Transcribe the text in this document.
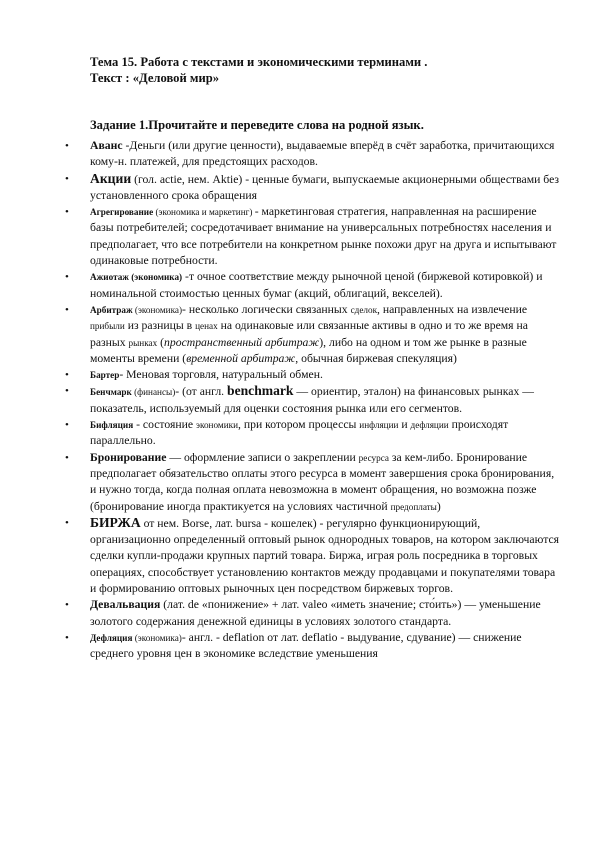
Тема 15. Работа с текстами и экономическими терминами .
Текст : «Деловой мир»
Задание 1.Прочитайте и переведите слова на родной язык.

• Аванс -Деньги (или другие ценности), выдаваемые вперёд в счёт заработка, причитающихся кому-н. платежей, для предстоящих расходов.

• Акции (гол. actie, нем. Aktie) - ценные бумаги, выпускаемые акционерными обществами без установленного срока обращения

• Агрегирование (экономика и маркетинг) - маркетинговая стратегия, направленная на расширение базы потребителей; сосредотачивает внимание на универсальных потребностях населения и предполагает, что все потребители на конкретном рынке похожи друг на друга и испытывают одинаковые потребности.

• Ажиотаж (экономика) -т очное соответствие между рыночной ценой (биржевой котировкой) и номинальной стоимостью ценных бумаг (акций, облигаций, векселей).

• Арбитраж (экономика)- несколько логически связанных сделок, направленных на извлечение прибыли из разницы в ценах на одинаковые или связанные активы в одно и то же время на разных рынках (пространственный арбитраж), либо на одном и том же рынке в разные моменты времени (временной арбитраж, обычная биржевая спекуляция)

• Бартер- Меновая торговля, натуральный обмен.

• Бенчмарк (финансы)- (от англ. benchmark — ориентир, эталон) на финансовых рынках — показатель, используемый для оценки состояния рынка или его сегментов.

• Бифляция - состояние экономики, при котором процессы инфляции и дефляции происходят параллельно.

• Бронирование — оформление записи о закреплении ресурса за кем-либо. Бронирование предполагает обязательство оплаты этого ресурса в момент завершения срока бронирования, и нужно тогда, когда полная оплата невозможна в момент обращения, но возможна позже (бронирование иногда практикуется на условиях частичной предоплаты)

• БИРЖА от нем. Borse, лат. bursa - кошелек) - регулярно функционирующий, организационно определенный оптовый рынок однородных товаров, на котором заключаются сделки купли-продажи крупных партий товара. Биржа, играя роль посредника в торговых операциях, способствует установлению контактов между продавцами и покупателями товара и формированию оптовых рыночных цен посредством биржевых торгов.

• Девальвация (лат. de «понижение» + лат. valeo «иметь значение; сто́ить») — уменьшение золотого содержания денежной единицы в условиях золотого стандарта.

• Дефляция (экономика)- англ. - deflation от лат. deflatio - выдувание, сдувание) — снижение среднего уровня цен в экономике вследствие уменьшения
